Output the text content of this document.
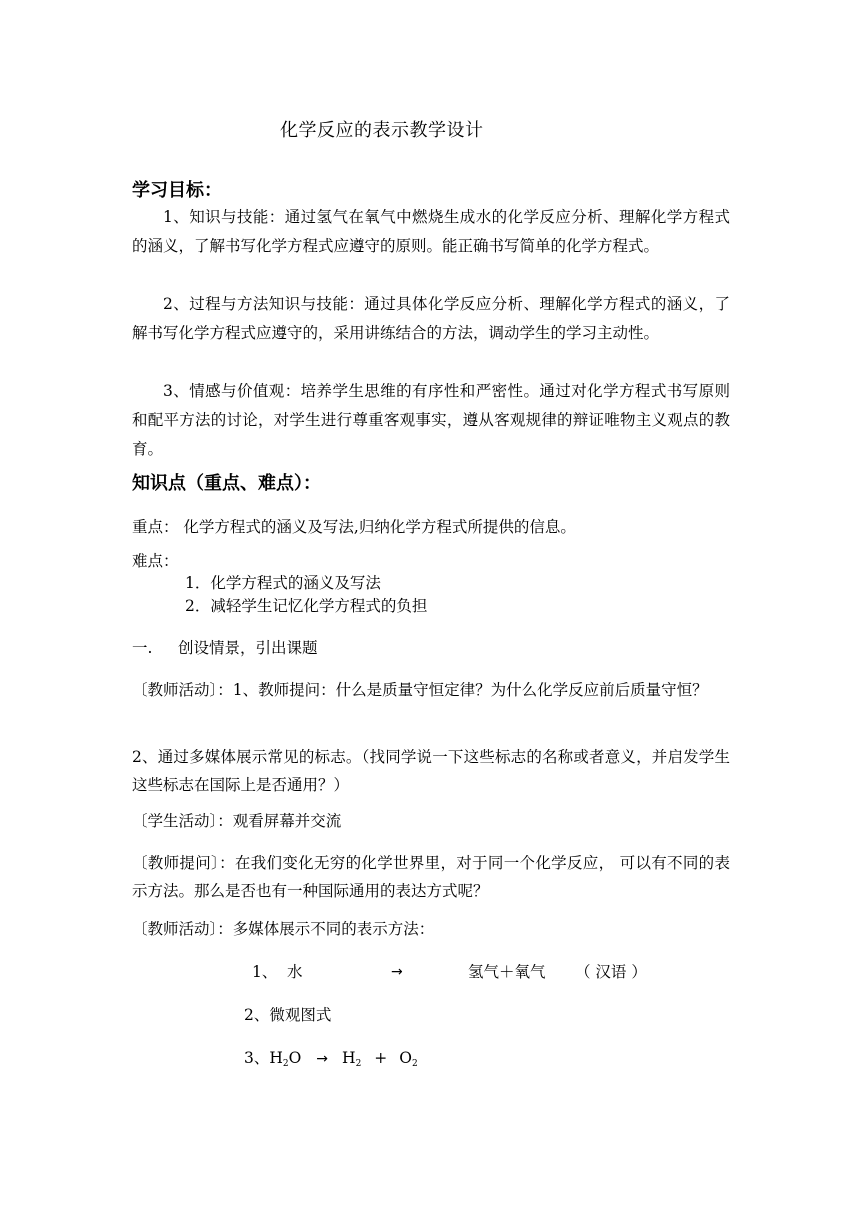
化学反应的表示教学设计
学习目标：
1、知识与技能：通过氢气在氧气中燃烧生成水的化学反应分析、理解化学方程式的涵义，了解书写化学方程式应遵守的原则。能正确书写简单的化学方程式。
2、过程与方法知识与技能：通过具体化学反应分析、理解化学方程式的涵义，了解书写化学方程式应遵守的，采用讲练结合的方法，调动学生的学习主动性。
3、情感与价值观：培养学生思维的有序性和严密性。通过对化学方程式书写原则和配平方法的讨论，对学生进行尊重客观事实，遵从客观规律的辩证唯物主义观点的教育。
知识点（重点、难点）：
重点： 化学方程式的涵义及写法,归纳化学方程式所提供的信息。
难点：
1．化学方程式的涵义及写法
2．减轻学生记忆化学方程式的负担
一. 创设情景，引出课题
〔教师活动〕：1、教师提问：什么是质量守恒定律？为什么化学反应前后质量守恒？
2、通过多媒体展示常见的标志。（找同学说一下这些标志的名称或者意义，并启发学生这些标志在国际上是否通用？）
〔学生活动〕：观看屏幕并交流
〔教师提问〕：在我们变化无穷的化学世界里，对于同一个化学反应， 可以有不同的表示方法。那么是否也有一种国际通用的表达方式呢？
〔教师活动〕：多媒体展示不同的表示方法：
1、 水	→	氢气＋氧气 （ 汉语 ）
2、微观图式
3、$H_2O \to H_2 + O_2$
